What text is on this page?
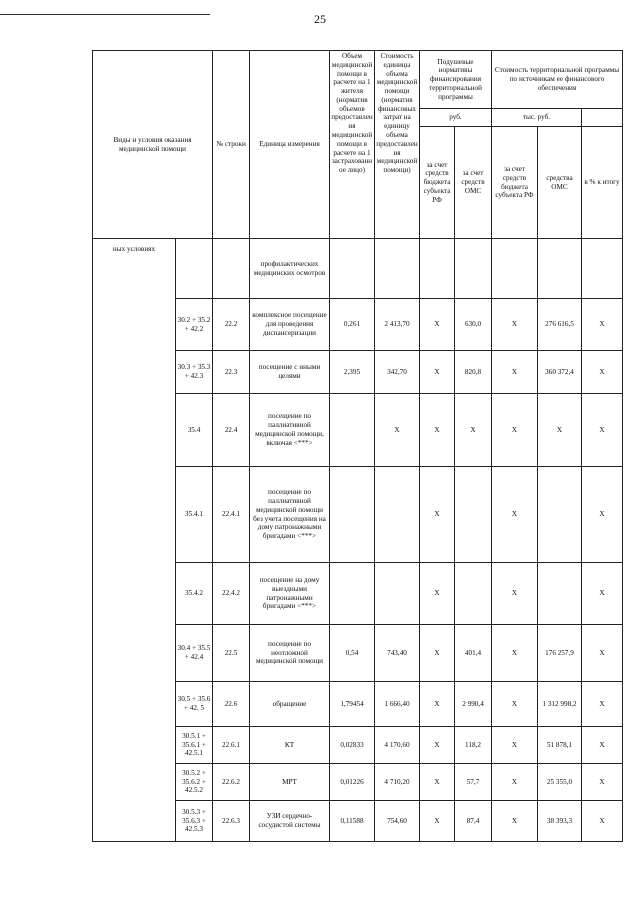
25
Виды и условия оказания медицинской помощи		№ строки	Единица измерения	Объем медицинской помощи в расчете на 1 жителя (норматив объемов предоставления медицинской помощи в расчете на 1 застрахованное лицо)	Стоимость единицы объема медицинской помощи (норматив финансовых затрат на единицу объема предоставления медицинской помощи)	Подушевые нормативы финансирования территориальной программы		Стоимость территориальной программы по источникам ее финансового обеспечения		
						руб.		тыс. руб.		
						за счет средств бюджета субъекта РФ	за счет средств ОМС	за счет средств бюджета субъекта РФ	средства ОМС	в % к итогу
ных условиях			профилактических медицинских осмотров							
	30.2 + 35.2 + 42.2	22.2	комплексное посещение для проведения диспансеризации	0,261	2 413,70	X	630,0	X	276 616,5	X
	30.3 + 35.3 + 42.3	22.3	посещение с иными целями	2,395	342,70	X	820,8	X	360 372,4	X
	35.4	22.4	посещение по паллиативной медицинской помощи, включая <***>		X	X	X	X	X	X
	35.4.1	22.4.1	посещение по паллиативной медицинской помощи без учета посещения на дому патронажными бригадами <***>			X		X		X
	35.4.2	22.4.2	посещение на дому выездными патронажными бригадами <***>			X		X		X
	30.4 + 35.5 + 42.4	22.5	посещение по неотложной медицинской помощи	0,54	743,40	X	401,4	X	176 257,9	X
	30.5 + 35.6 + 42. 5	22.6	обращение	1,79454	1 666,40	X	2 990,4	X	1 312 998,2	X
	30.5.1 + 35.6.1 + 42.5.1	22.6.1	КТ	0,02833	4 170,60	X	118,2	X	51 878,1	X
	30.5.2 + 35.6.2 + 42.5.2	22.6.2	МРТ	0,01226	4 710,20	X	57,7	X	25 355,0	X
	30.5.3 + 35.6.3 + 42.5.3	22.6.3	УЗИ сердечно-сосудистой системы	0,11588	754,60	X	87,4	X	38 393,3	X
